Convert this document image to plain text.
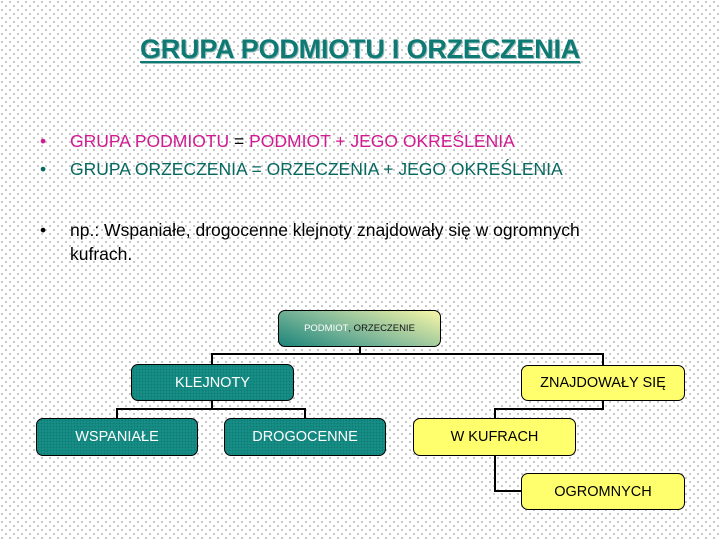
GRUPA PODMIOTU I ORZECZENIA
• GRUPA PODMIOTU = PODMIOT + JEGO OKREŚLENIA
• GRUPA ORZECZENIA = ORZECZENIA + JEGO OKREŚLENIA
• np.: Wspaniałe, drogocenne klejnoty znajdowały się w ogromnych
kufrach.
PODMIOT , ORZECZENIE
KLEJNOTY	ZNAJDOWAŁY SIĘ
WSPANIAŁE	DROGOCENNE	W KUFRACH
OGROMNYCH
